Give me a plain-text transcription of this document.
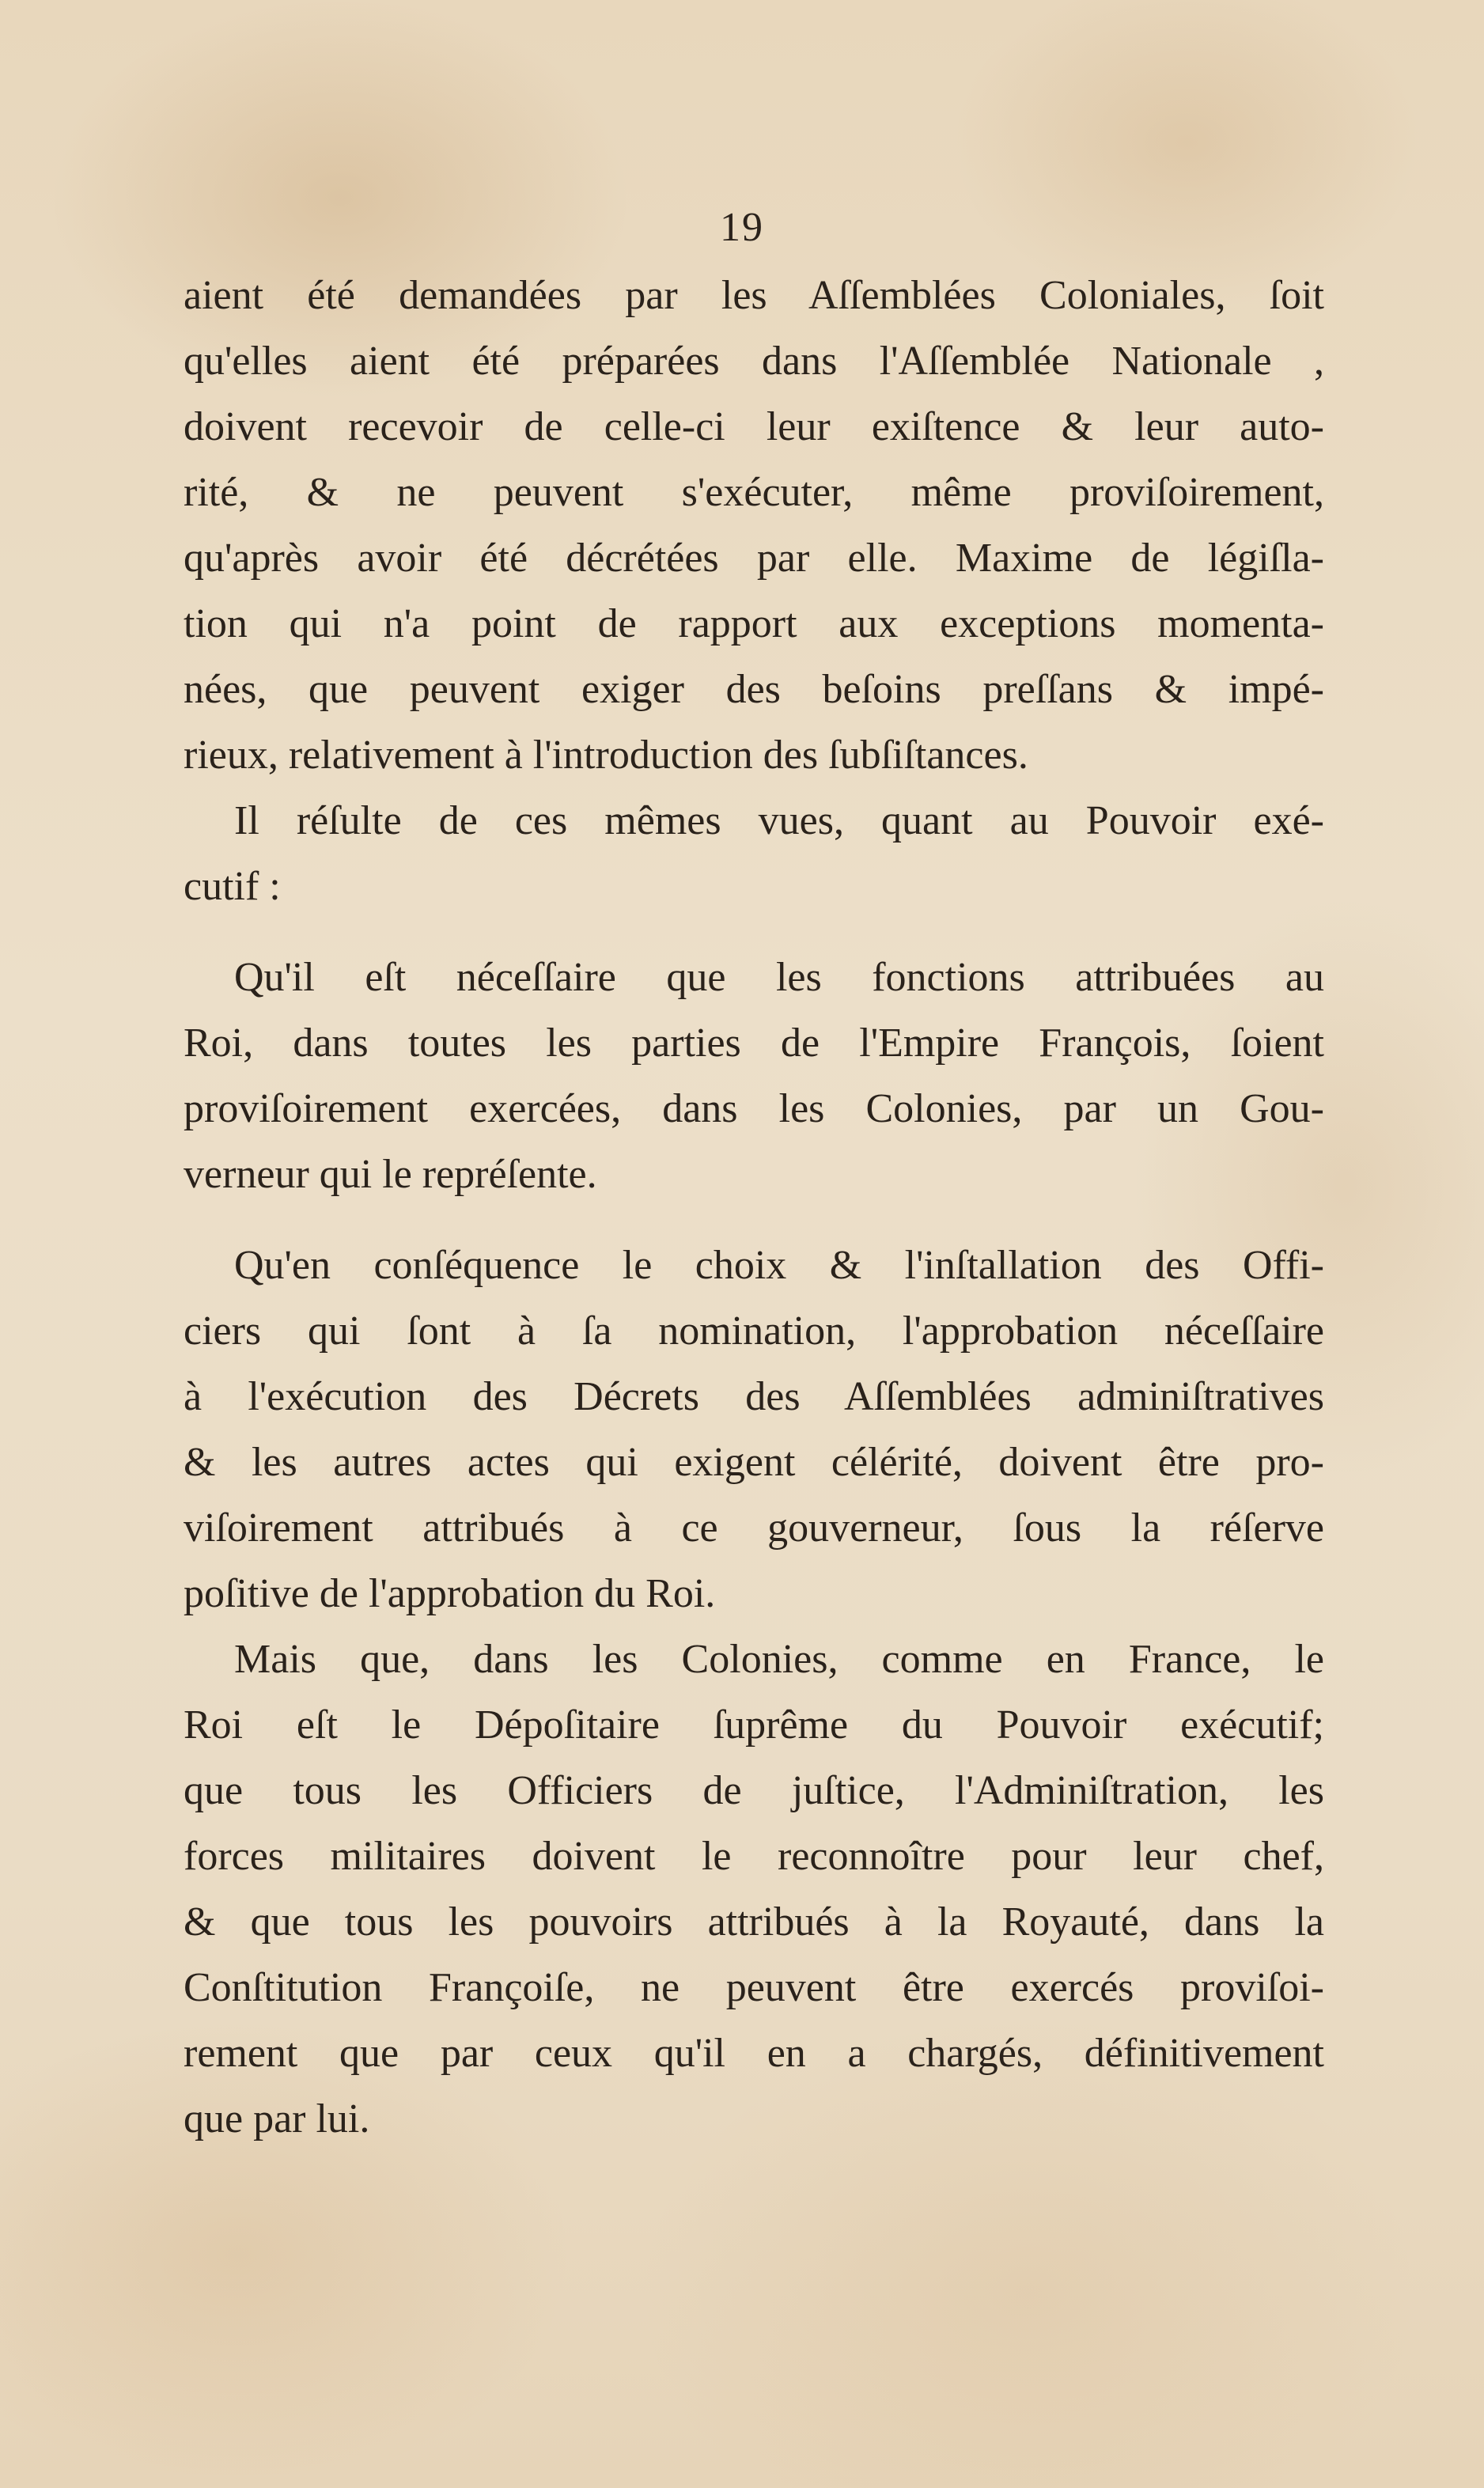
19
aient été demandées par les Aſſemblées Coloniales, ſoit
qu'elles aient été préparées dans l'Aſſemblée Nationale ,
doivent recevoir de celle-ci leur exiſtence & leur auto-
rité, & ne peuvent s'exécuter, même proviſoirement,
qu'après avoir été décrétées par elle. Maxime de légiſla-
tion qui n'a point de rapport aux exceptions momenta-
nées, que peuvent exiger des beſoins preſſans & impé-
rieux, relativement à l'introduction des ſubſiſtances.
Il réſulte de ces mêmes vues, quant au Pouvoir exé-
cutif :
Qu'il eſt néceſſaire que les fonctions attribuées au
Roi, dans toutes les parties de l'Empire François, ſoient
proviſoirement exercées, dans les Colonies, par un Gou-
verneur qui le repréſente.
Qu'en conſéquence le choix & l'inſtallation des Offi-
ciers qui ſont à ſa nomination, l'approbation néceſſaire
à l'exécution des Décrets des Aſſemblées adminiſtratives
& les autres actes qui exigent célérité, doivent être pro-
viſoirement attribués à ce gouverneur, ſous la réſerve
poſitive de l'approbation du Roi.
Mais que, dans les Colonies, comme en France, le
Roi eſt le Dépoſitaire ſuprême du Pouvoir exécutif;
que tous les Officiers de juſtice, l'Adminiſtration, les
forces militaires doivent le reconnoître pour leur chef,
& que tous les pouvoirs attribués à la Royauté, dans la
Conſtitution Françoiſe, ne peuvent être exercés proviſoi-
rement que par ceux qu'il en a chargés, définitivement
que par lui.
